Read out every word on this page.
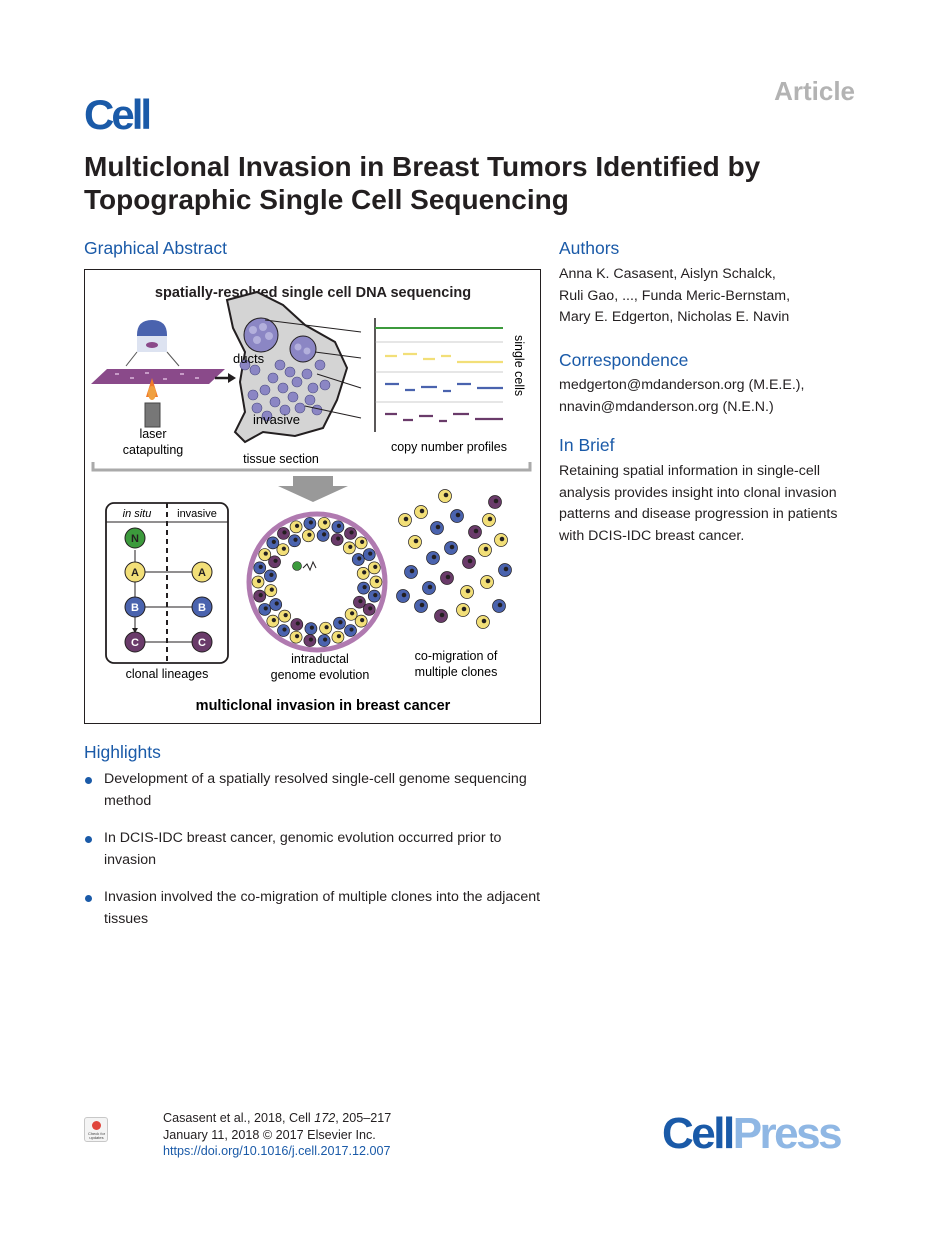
Article
Cell
Multiclonal Invasion in Breast Tumors Identified by Topographic Single Cell Sequencing
Graphical Abstract
spatially-resolved single cell DNA sequencing
laser
catapulting
ducts
invasive
tissue section
single cells
copy number profiles
in situ invasive
N
A	A
B	B
C	C
clonal lineages
intraductal
genome evolution
co-migration of
multiple clones
multiclonal invasion in breast cancer
Authors
Anna K. Casasent, Aislyn Schalck,
Ruli Gao, ..., Funda Meric-Bernstam,
Mary E. Edgerton, Nicholas E. Navin
Correspondence
medgerton@mdanderson.org (M.E.E.),
nnavin@mdanderson.org (N.E.N.)
In Brief
Retaining spatial information in single-cell analysis provides insight into clonal invasion patterns and disease progression in patients with DCIS-IDC breast cancer.
Highlights
Development of a spatially resolved single-cell genome sequencing method
In DCIS-IDC breast cancer, genomic evolution occurred prior to invasion
Invasion involved the co-migration of multiple clones into the adjacent tissues
Check for updates
Casasent et al., 2018, Cell 172, 205–217
January 11, 2018 © 2017 Elsevier Inc.
https://doi.org/10.1016/j.cell.2017.12.007	CellPress
